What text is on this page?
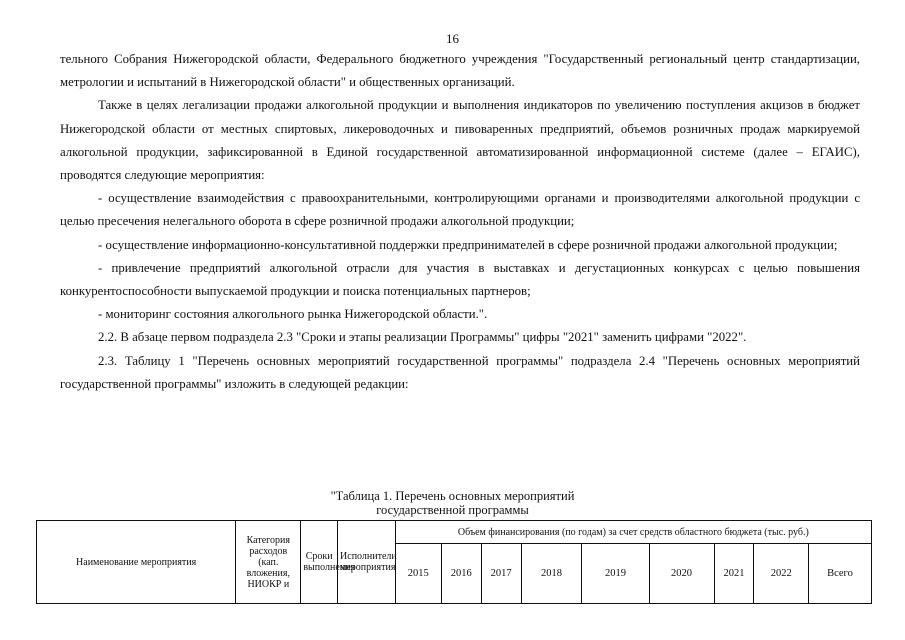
16

тельного Собрания Нижегородской области, Федерального бюджетного учреждения "Государственный региональный центр стандартизации, метрологии и испытаний в Нижегородской области" и общественных организаций.

Также в целях легализации продажи алкогольной продукции и выполнения индикаторов по увеличению поступления акцизов в бюджет Нижегородской области от местных спиртовых, ликероводочных и пивоваренных предприятий, объемов розничных продаж маркируемой алкогольной продукции, зафиксированной в Единой государственной автоматизированной информационной системе (далее – ЕГАИС), проводятся следующие мероприятия:

- осуществление взаимодействия с правоохранительными, контролирующими органами и производителями алкогольной продукции с целью пресечения нелегального оборота в сфере розничной продажи алкогольной продукции;

- осуществление информационно-консультативной поддержки предпринимателей в сфере розничной продажи алкогольной продукции;

- привлечение предприятий алкогольной отрасли для участия в выставках и дегустационных конкурсах с целью повышения конкурентоспособности выпускаемой продукции и поиска потенциальных партнеров;

- мониторинг состояния алкогольного рынка Нижегородской области.".

2.2. В абзаце первом подраздела 2.3 "Сроки и этапы реализации Программы" цифры "2021" заменить цифрами "2022".

2.3. Таблицу 1 "Перечень основных мероприятий государственной программы" подраздела 2.4 "Перечень основных мероприятий государственной программы" изложить в следующей редакции:

"Таблица 1. Перечень основных мероприятий
государственной программы
Наименование мероприятия	Категория расходов (кап. вложения, НИОКР и	Сроки выполнения	Исполнители мероприятия	Объем финансирования (по годам) за счет средств областного бюджета (тыс. руб.)								
				2015	2016	2017	2018	2019	2020	2021	2022	Всего
